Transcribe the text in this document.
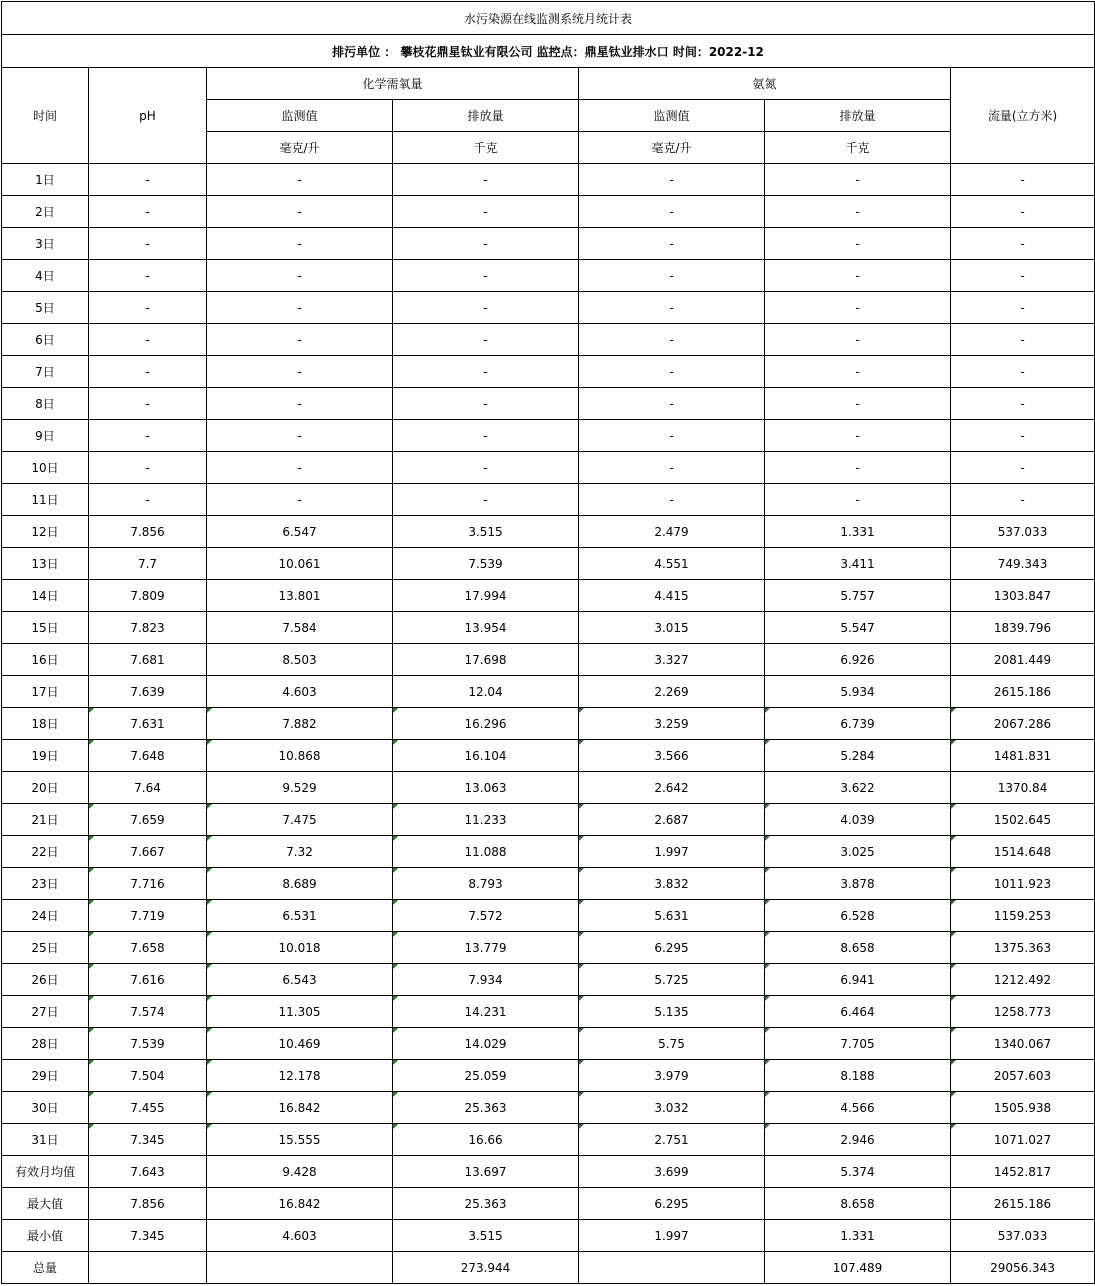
水污染源在线监测系统月统计表						
排污单位 ： 攀枝花鼎星钛业有限公司 监控点：鼎星钛业排水口 时间：2022-12						
时间	pH	化学需氧量		氨氮		流量(立方米)
		监测值	排放量	监测值	排放量	
		毫克/升	千克	毫克/升	千克	
1日	-	-	-	-	-	-
2日	-	-	-	-	-	-
3日	-	-	-	-	-	-
4日	-	-	-	-	-	-
5日	-	-	-	-	-	-
6日	-	-	-	-	-	-
7日	-	-	-	-	-	-
8日	-	-	-	-	-	-
9日	-	-	-	-	-	-
10日	-	-	-	-	-	-
11日	-	-	-	-	-	-
12日	7.856	6.547	3.515	2.479	1.331	537.033
13日	7.7	10.061	7.539	4.551	3.411	749.343
14日	7.809	13.801	17.994	4.415	5.757	1303.847
15日	7.823	7.584	13.954	3.015	5.547	1839.796
16日	7.681	8.503	17.698	3.327	6.926	2081.449
17日	7.639	4.603	12.04	2.269	5.934	2615.186
18日	7.631	7.882	16.296	3.259	6.739	2067.286
19日	7.648	10.868	16.104	3.566	5.284	1481.831
20日	7.64	9.529	13.063	2.642	3.622	1370.84
21日	7.659	7.475	11.233	2.687	4.039	1502.645
22日	7.667	7.32	11.088	1.997	3.025	1514.648
23日	7.716	8.689	8.793	3.832	3.878	1011.923
24日	7.719	6.531	7.572	5.631	6.528	1159.253
25日	7.658	10.018	13.779	6.295	8.658	1375.363
26日	7.616	6.543	7.934	5.725	6.941	1212.492
27日	7.574	11.305	14.231	5.135	6.464	1258.773
28日	7.539	10.469	14.029	5.75	7.705	1340.067
29日	7.504	12.178	25.059	3.979	8.188	2057.603
30日	7.455	16.842	25.363	3.032	4.566	1505.938
31日	7.345	15.555	16.66	2.751	2.946	1071.027
有效月均值	7.643	9.428	13.697	3.699	5.374	1452.817
最大值	7.856	16.842	25.363	6.295	8.658	2615.186
最小值	7.345	4.603	3.515	1.997	1.331	537.033
总量			273.944		107.489	29056.343
